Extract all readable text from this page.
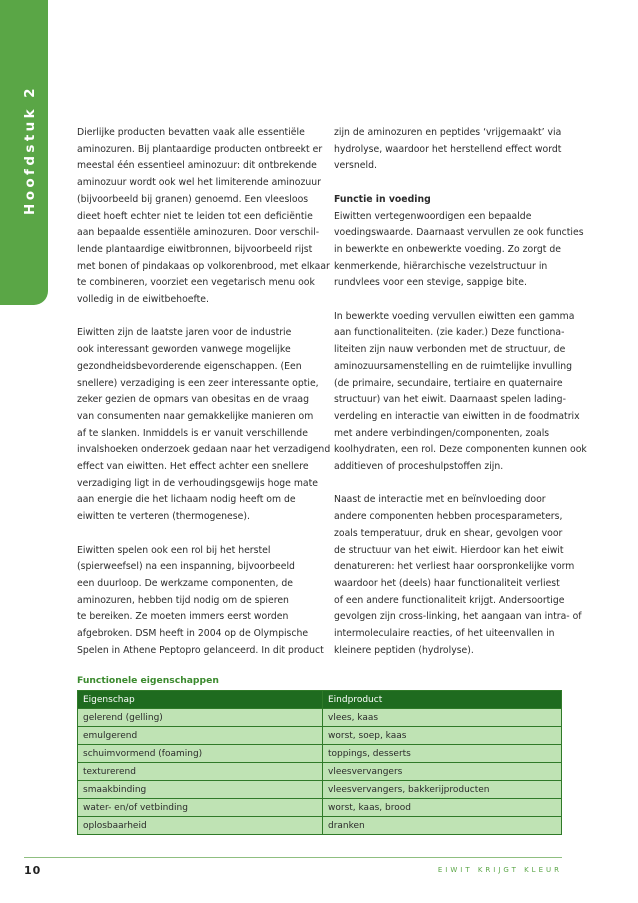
Hoofdstuk 2	Dierlijke producten bevatten vaak alle essentiële
aminozuren. Bij plantaardige producten ontbreekt er
meestal één essentieel aminozuur: dit ontbrekende
aminozuur wordt ook wel het limiterende aminozuur
(bijvoorbeeld bij granen) genoemd. Een vleesloos
dieet hoeft echter niet te leiden tot een deficiëntie
aan bepaalde essentiële aminozuren. Door verschil-
lende plantaardige eiwitbronnen, bijvoorbeeld rijst
met bonen of pindakaas op volkorenbrood, met elkaar
te combineren, voorziet een vegetarisch menu ook
volledig in de eiwitbehoefte.
Eiwitten zijn de laatste jaren voor de industrie
ook interessant geworden vanwege mogelijke
gezondheidsbevorderende eigenschappen. (Een
snellere) verzadiging is een zeer interessante optie,
zeker gezien de opmars van obesitas en de vraag
van consumenten naar gemakkelijke manieren om
af te slanken. Inmiddels is er vanuit verschillende
invalshoeken onderzoek gedaan naar het verzadigend
effect van eiwitten. Het effect achter een snellere
verzadiging ligt in de verhoudingsgewijs hoge mate
aan energie die het lichaam nodig heeft om de
eiwitten te verteren (thermogenese).
Eiwitten spelen ook een rol bij het herstel
(spierweefsel) na een inspanning, bijvoorbeeld
een duurloop. De werkzame componenten, de
aminozuren, hebben tijd nodig om de spieren
te bereiken. Ze moeten immers eerst worden
afgebroken. DSM heeft in 2004 op de Olympische
Spelen in Athene Peptopro gelanceerd. In dit product
zijn de aminozuren en peptides ‘vrijgemaakt’ via
hydrolyse, waardoor het herstellend effect wordt
versneld.
Functie in voeding
Eiwitten vertegenwoordigen een bepaalde
voedingswaarde. Daarnaast vervullen ze ook functies
in bewerkte en onbewerkte voeding. Zo zorgt de
kenmerkende, hiërarchische vezelstructuur in
rundvlees voor een stevige, sappige bite.
In bewerkte voeding vervullen eiwitten een gamma
aan functionaliteiten. (zie kader.) Deze functiona-
liteiten zijn nauw verbonden met de structuur, de
aminozuursamenstelling en de ruimtelijke invulling
(de primaire, secundaire, tertiaire en quaternaire
structuur) van het eiwit. Daarnaast spelen lading-
verdeling en interactie van eiwitten in de foodmatrix
met andere verbindingen/componenten, zoals
koolhydraten, een rol. Deze componenten kunnen ook
additieven of proceshulpstoffen zijn.
Naast de interactie met en beïnvloeding door
andere componenten hebben procesparameters,
zoals temperatuur, druk en shear, gevolgen voor
de structuur van het eiwit. Hierdoor kan het eiwit
denatureren: het verliest haar oorspronkelijke vorm
waardoor het (deels) haar functionaliteit verliest
of een andere functionaliteit krijgt. Andersoortige
gevolgen zijn cross-linking, het aangaan van intra- of
intermoleculaire reacties, of het uiteenvallen in
kleinere peptiden (hydrolyse).
Functionele eigenschappen
Eigenschap	Eindproduct
gelerend (gelling)	vlees, kaas
emulgerend	worst, soep, kaas
schuimvormend (foaming)	toppings, desserts
texturerend	vleesvervangers
smaakbinding	vleesvervangers, bakkerijproducten
water- en/of vetbinding	worst, kaas, brood
oplosbaarheid	dranken
10	EIWIT KRIJGT KLEUR
